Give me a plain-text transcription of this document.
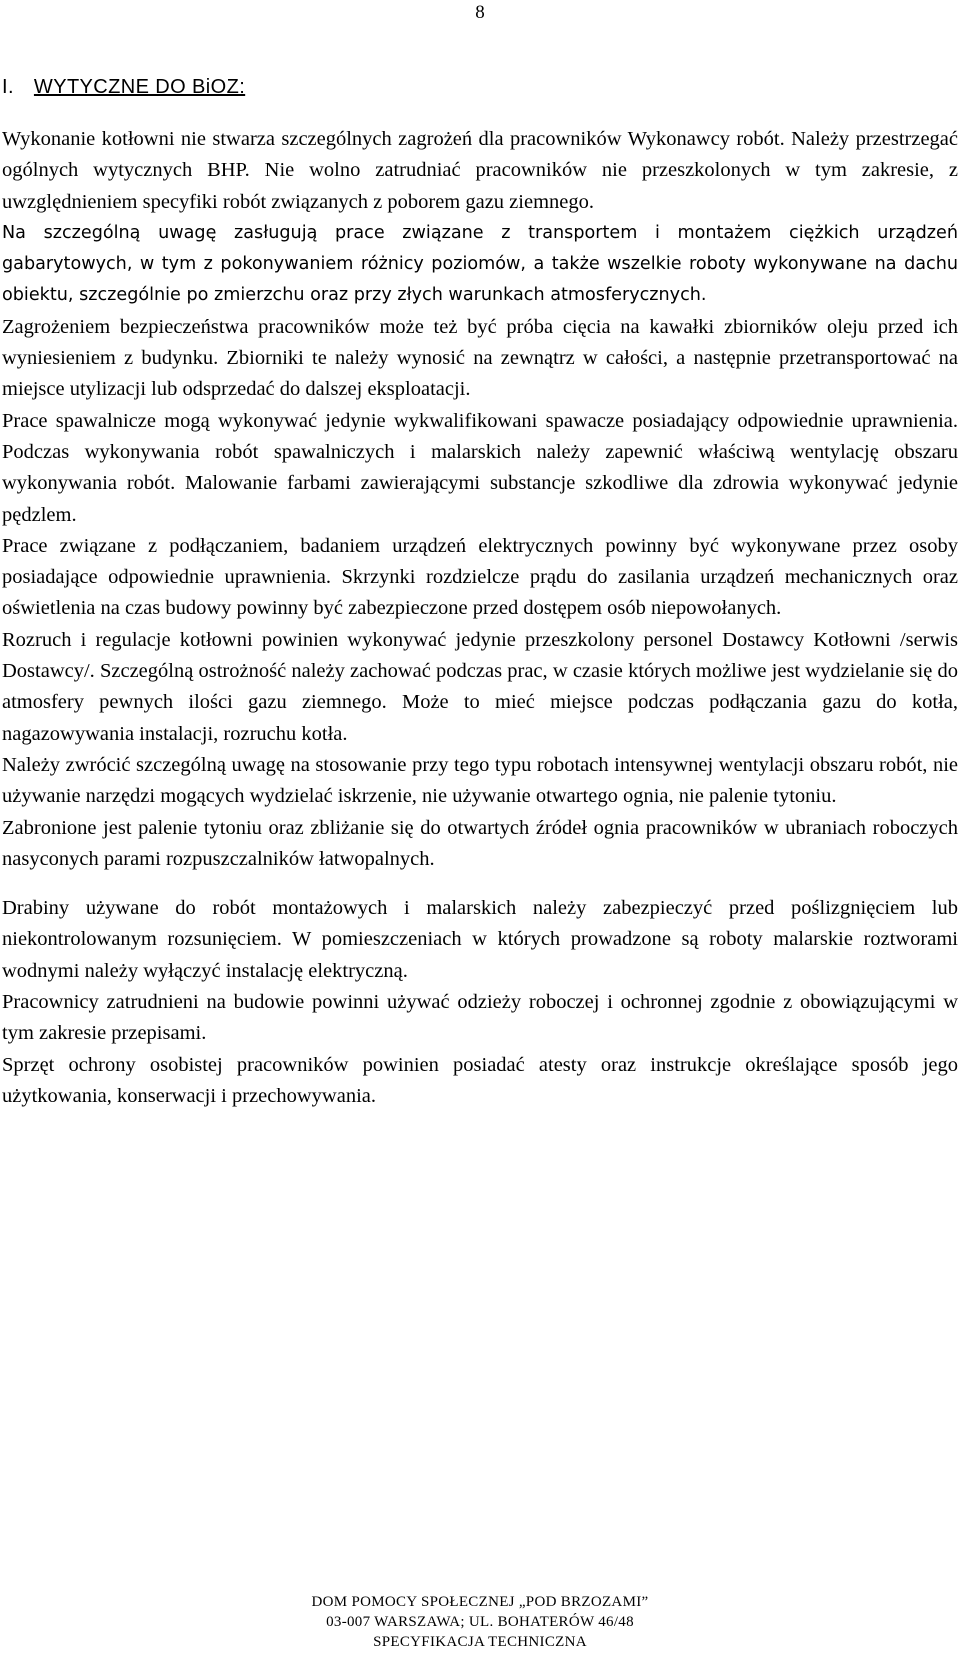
8
I. WYTYCZNE DO BiOZ:

Wykonanie kotłowni nie stwarza szczególnych zagrożeń dla pracowników Wykonawcy robót. Należy przestrzegać ogólnych wytycznych BHP. Nie wolno zatrudniać pracowników nie przeszkolonych w tym zakresie, z uwzględnieniem specyfiki robót związanych z poborem gazu ziemnego.

Na szczególną uwagę zasługują prace związane z transportem i montażem ciężkich urządzeń gabarytowych, w tym z pokonywaniem różnicy poziomów, a także wszelkie roboty wykonywane na dachu obiektu, szczególnie po zmierzchu oraz przy złych warunkach atmosferycznych.

Zagrożeniem bezpieczeństwa pracowników może też być próba cięcia na kawałki zbiorników oleju przed ich wyniesieniem z budynku. Zbiorniki te należy wynosić na zewnątrz w całości, a następnie przetransportować na miejsce utylizacji lub odsprzedać do dalszej eksploatacji.

Prace spawalnicze mogą wykonywać jedynie wykwalifikowani spawacze posiadający odpowiednie uprawnienia. Podczas wykonywania robót spawalniczych i malarskich należy zapewnić właściwą wentylację obszaru wykonywania robót. Malowanie farbami zawierającymi substancje szkodliwe dla zdrowia wykonywać jedynie pędzlem.

Prace związane z podłączaniem, badaniem urządzeń elektrycznych powinny być wykonywane przez osoby posiadające odpowiednie uprawnienia. Skrzynki rozdzielcze prądu do zasilania urządzeń mechanicznych oraz oświetlenia na czas budowy powinny być zabezpieczone przed dostępem osób niepowołanych.

Rozruch i regulacje kotłowni powinien wykonywać jedynie przeszkolony personel Dostawcy Kotłowni /serwis Dostawcy/. Szczególną ostrożność należy zachować podczas prac, w czasie których możliwe jest wydzielanie się do atmosfery pewnych ilości gazu ziemnego. Może to mieć miejsce podczas podłączania gazu do kotła, nagazowywania instalacji, rozruchu kotła.

Należy zwrócić szczególną uwagę na stosowanie przy tego typu robotach intensywnej wentylacji obszaru robót, nie używanie narzędzi mogących wydzielać iskrzenie, nie używanie otwartego ognia, nie palenie tytoniu.

Zabronione jest palenie tytoniu oraz zbliżanie się do otwartych źródeł ognia pracowników w ubraniach roboczych nasyconych parami rozpuszczalników łatwopalnych.

Drabiny używane do robót montażowych i malarskich należy zabezpieczyć przed poślizgnięciem lub niekontrolowanym rozsunięciem. W pomieszczeniach w których prowadzone są roboty malarskie roztworami wodnymi należy wyłączyć instalację elektryczną.

Pracownicy zatrudnieni na budowie powinni używać odzieży roboczej i ochronnej zgodnie z obowiązującymi w tym zakresie przepisami.

Sprzęt ochrony osobistej pracowników powinien posiadać atesty oraz instrukcje określające sposób jego użytkowania, konserwacji i przechowywania.

DOM POMOCY SPOŁECZNEJ „POD BRZOZAMI”
03-007 WARSZAWA; UL. BOHATERÓW 46/48
SPECYFIKACJA TECHNICZNA
